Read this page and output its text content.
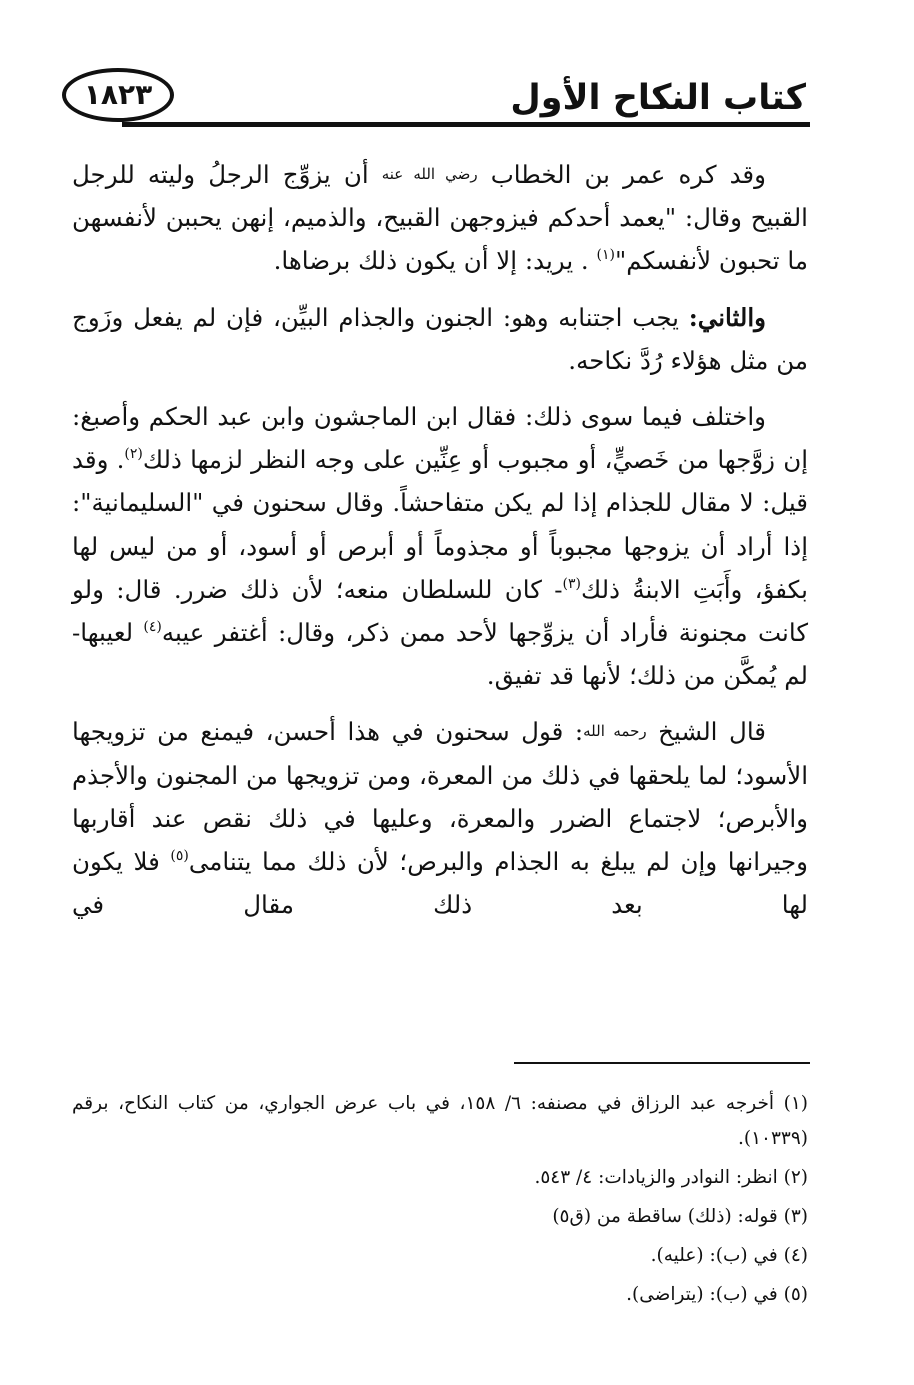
كتاب النكاح الأول
١٨٢٣

وقد كره عمر بن الخطاب رضي الله عنه أن يزوِّج الرجلُ وليته للرجل القبيح وقال: "يعمد أحدكم فيزوجهن القبيح، والذميم، إنهن يحببن لأنفسهن ما تحبون لأنفسكم"$^{(١)}$ . يريد: إلا أن يكون ذلك برضاها.

والثاني: يجب اجتنابه وهو: الجنون والجذام البيِّن، فإن لم يفعل وزَوج من مثل هؤلاء رُدَّ نكاحه.

واختلف فيما سوى ذلك: فقال ابن الماجشون وابن عبد الحكم وأصبغ: إن زوَّجها من خَصيٍّ، أو مجبوب أو عِنِّين على وجه النظر لزمها ذلك$^{(٢)}$. وقد قيل: لا مقال للجذام إذا لم يكن متفاحشاً. وقال سحنون في "السليمانية": إذا أراد أن يزوجها مجبوباً أو مجذوماً أو أبرص أو أسود، أو من ليس لها بكفؤ، وأَبَتِ الابنةُ ذلك$^{(٣)}$- كان للسلطان منعه؛ لأن ذلك ضرر. قال: ولو كانت مجنونة فأراد أن يزوِّجها لأحد ممن ذكر، وقال: أغتفر عيبه$^{(٤)}$ لعيبها- لم يُمكَّن من ذلك؛ لأنها قد تفيق.

قال الشيخ رحمه الله: قول سحنون في هذا أحسن، فيمنع من تزويجها الأسود؛ لما يلحقها في ذلك من المعرة، ومن تزويجها من المجنون والأجذم والأبرص؛ لاجتماع الضرر والمعرة، وعليها في ذلك نقص عند أقاربها وجيرانها وإن لم يبلغ به الجذام والبرص؛ لأن ذلك مما يتنامى$^{(٥)}$ فلا يكون لها بعد ذلك مقال في

(١) أخرجه عبد الرزاق في مصنفه: ٦/ ١٥٨، في باب عرض الجواري، من كتاب النكاح، برقم (١٠٣٣٩).

(٢) انظر: النوادر والزيادات: ٤/ ٥٤٣.

(٣) قوله: (ذلك) ساقطة من (ق٥)

(٤) في (ب): (عليه).

(٥) في (ب): (يتراضى).
